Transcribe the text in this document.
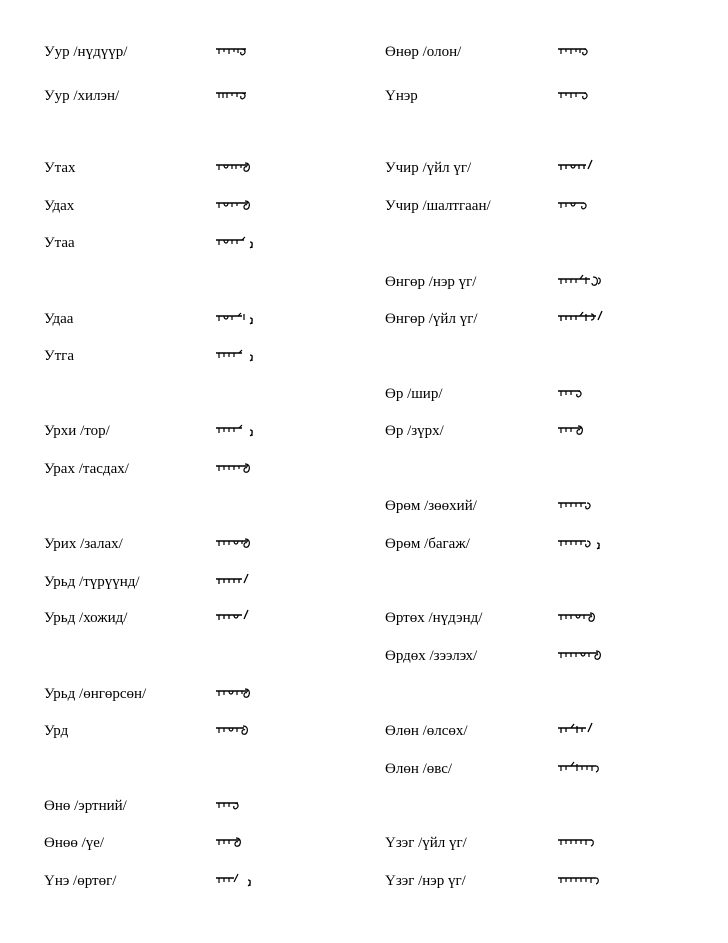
Уур /нүдүүр/
Уур /хилэн/
Утах
Удах
Утаа
Удаа
Утга
Урхи /тор/
Урах /тасдах/
Урих /залах/
Урьд /түрүүнд/
Урьд /хожид/
Урьд /өнгөрсөн/
Урд
Өнө /эртний/
Өнөө /үе/
Үнэ /өртөг/
Өнөр /олон/
Үнэр
Учир /үйл үг/
Учир /шалтгаан/
Өнгөр /нэр үг/
Өнгөр /үйл үг/
Өр /шир/
Өр /зүрх/
Өрөм /зөөхий/
Өрөм /багаж/
Өртөх /нүдэнд/
Өрдөх /зээлэх/
Өлөн /өлсөх/
Өлөн /өвс/
Үзэг /үйл үг/
Үзэг /нэр үг/
